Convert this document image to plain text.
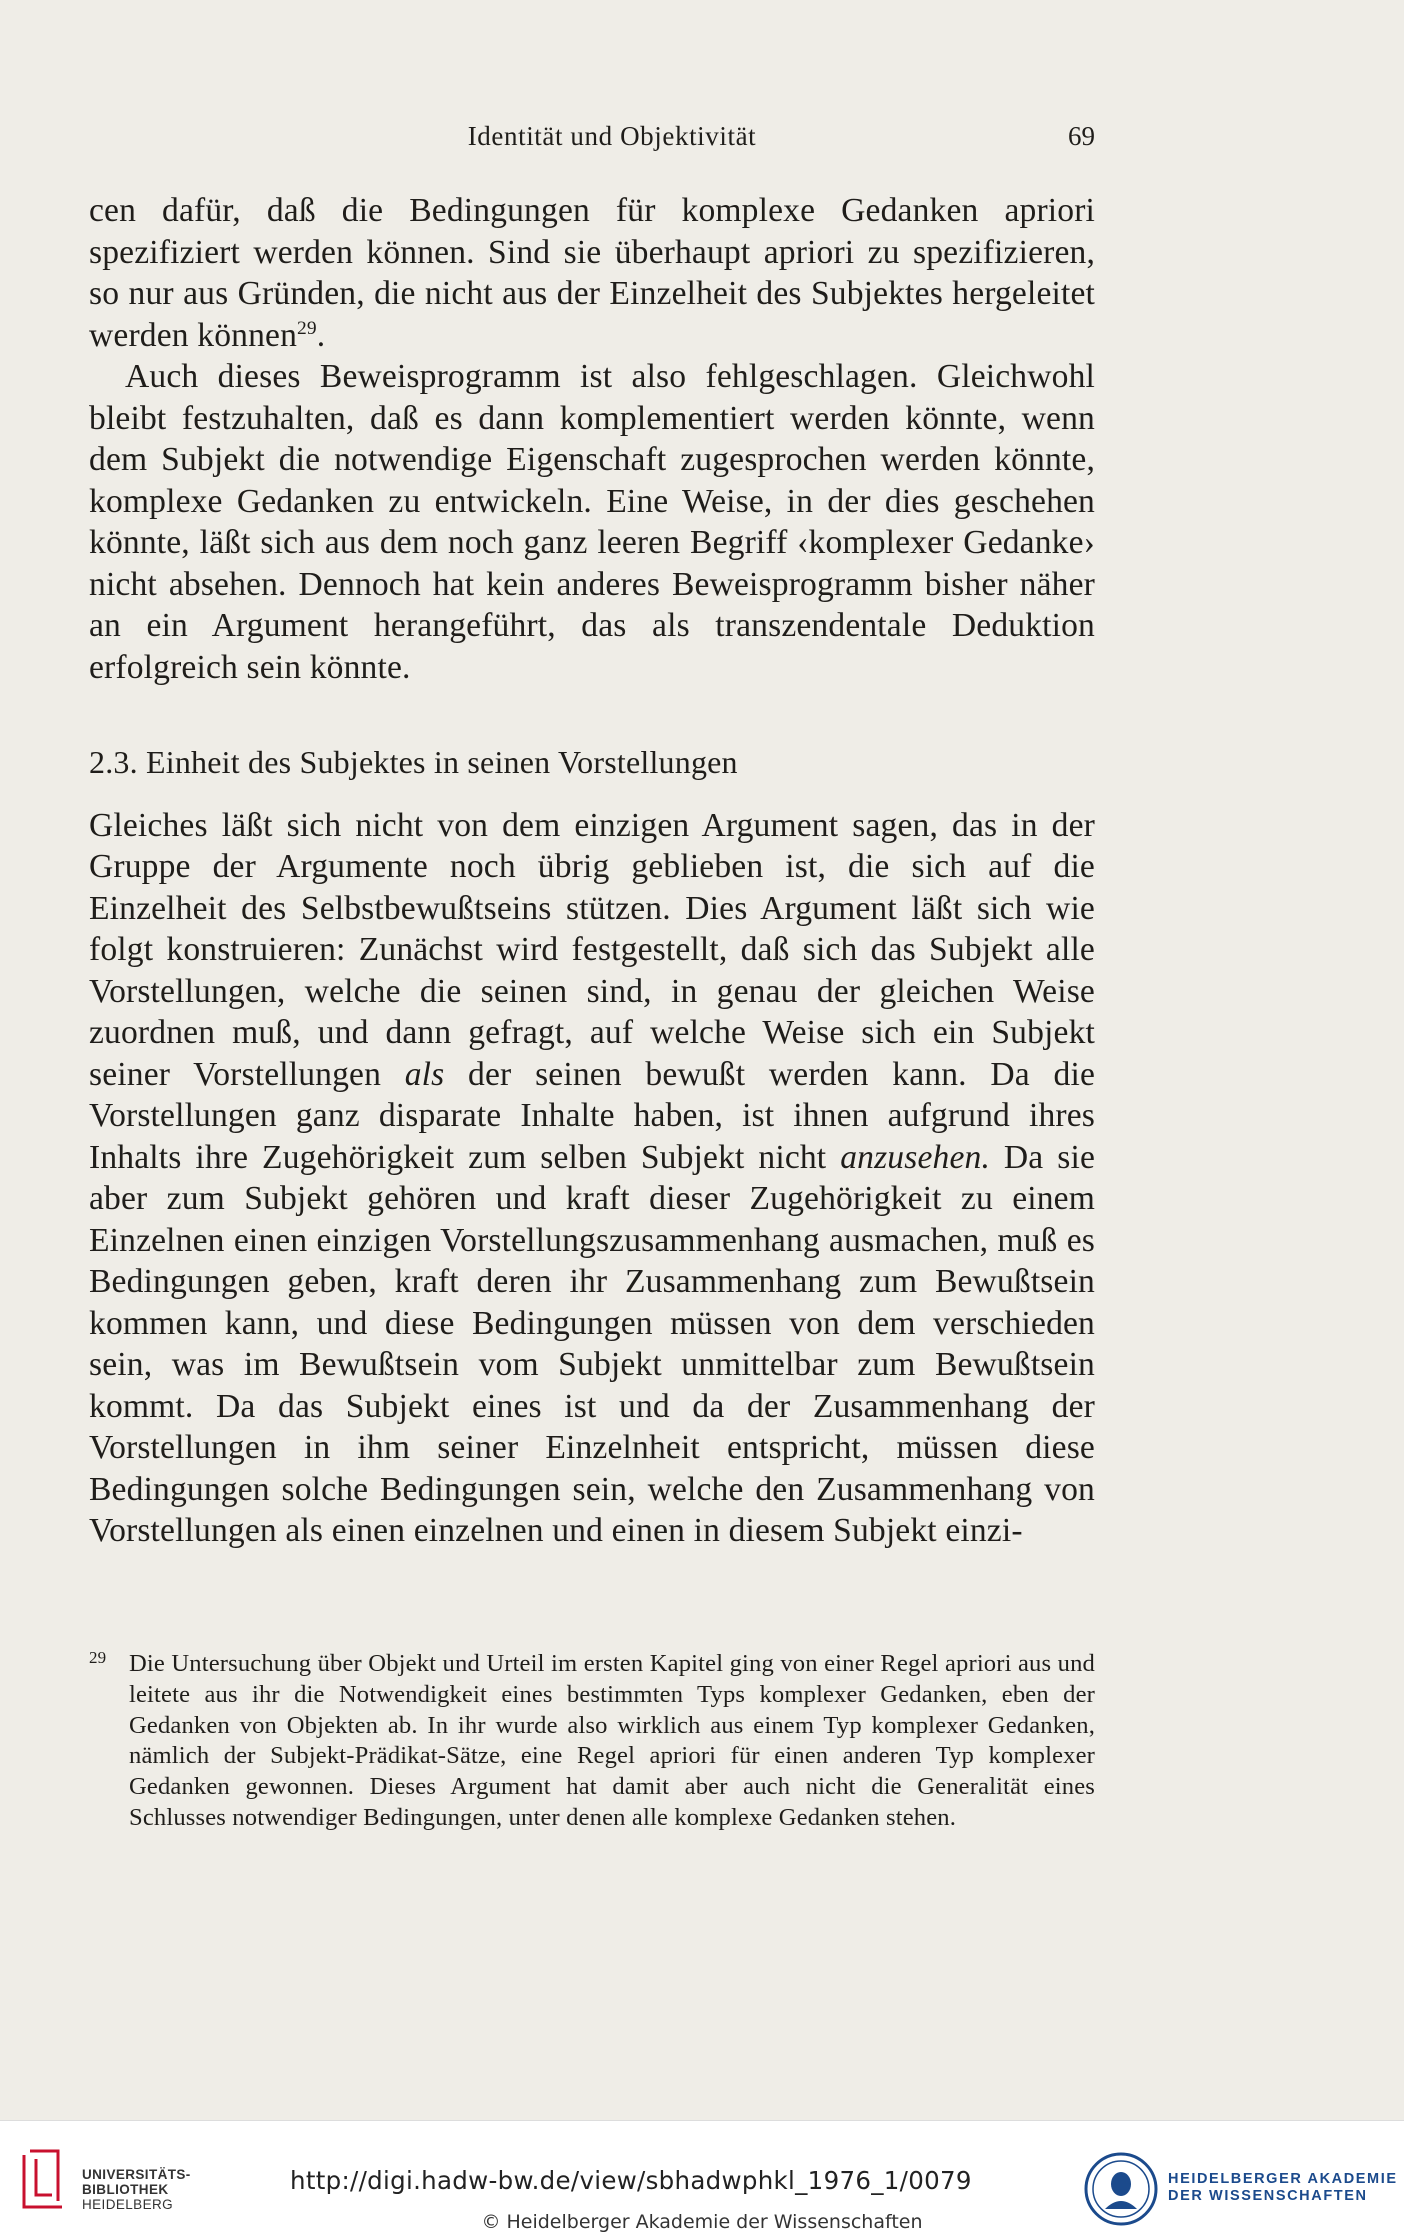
Identität und Objektivität	69

cen dafür, daß die Bedingungen für komplexe Gedanken apriori spezifiziert werden können. Sind sie überhaupt apriori zu spezifizieren, so nur aus Gründen, die nicht aus der Einzelheit des Subjektes hergeleitet werden können$^{29}$.

Auch dieses Beweisprogramm ist also fehlgeschlagen. Gleichwohl bleibt festzuhalten, daß es dann komplementiert werden könnte, wenn dem Subjekt die notwendige Eigenschaft zugesprochen werden könnte, komplexe Gedanken zu entwickeln. Eine Weise, in der dies geschehen könnte, läßt sich aus dem noch ganz leeren Begriff ‹komplexer Gedanke› nicht absehen. Dennoch hat kein anderes Beweisprogramm bisher näher an ein Argument herangeführt, das als transzendentale Deduktion erfolgreich sein könnte.

2.3. Einheit des Subjektes in seinen Vorstellungen

Gleiches läßt sich nicht von dem einzigen Argument sagen, das in der Gruppe der Argumente noch übrig geblieben ist, die sich auf die Einzelheit des Selbstbewußtseins stützen. Dies Argument läßt sich wie folgt konstruieren: Zunächst wird festgestellt, daß sich das Subjekt alle Vorstellungen, welche die seinen sind, in genau der gleichen Weise zuordnen muß, und dann gefragt, auf welche Weise sich ein Subjekt seiner Vorstellungen als der seinen bewußt werden kann. Da die Vorstellungen ganz disparate Inhalte haben, ist ihnen aufgrund ihres Inhalts ihre Zugehörigkeit zum selben Subjekt nicht anzusehen. Da sie aber zum Subjekt gehören und kraft dieser Zugehörigkeit zu einem Einzelnen einen einzigen Vorstellungszusammenhang ausmachen, muß es Bedingungen geben, kraft deren ihr Zusammenhang zum Bewußtsein kommen kann, und diese Bedingungen müssen von dem verschieden sein, was im Bewußtsein vom Subjekt unmittelbar zum Bewußtsein kommt. Da das Subjekt eines ist und da der Zusammenhang der Vorstellungen in ihm seiner Einzelnheit entspricht, müssen diese Bedingungen solche Bedingungen sein, welche den Zusammenhang von Vorstellungen als einen einzelnen und einen in diesem Subjekt einzi-

29 Die Untersuchung über Objekt und Urteil im ersten Kapitel ging von einer Regel apriori aus und leitete aus ihr die Notwendigkeit eines bestimmten Typs komplexer Gedanken, eben der Gedanken von Objekten ab. In ihr wurde also wirklich aus einem Typ komplexer Gedanken, nämlich der Subjekt-Prädikat-Sätze, eine Regel apriori für einen anderen Typ komplexer Gedanken gewonnen. Dieses Argument hat damit aber auch nicht die Generalität eines Schlusses notwendiger Bedingungen, unter denen alle komplexe Gedanken stehen.
UNIVERSITÄTS-
BIBLIOTHEK
HEIDELBERG
http://digi.hadw-bw.de/view/sbhadwphkl_1976_1/0079
© Heidelberger Akademie der Wissenschaften
HEIDELBERGER AKADEMIE
DER WISSENSCHAFTEN
